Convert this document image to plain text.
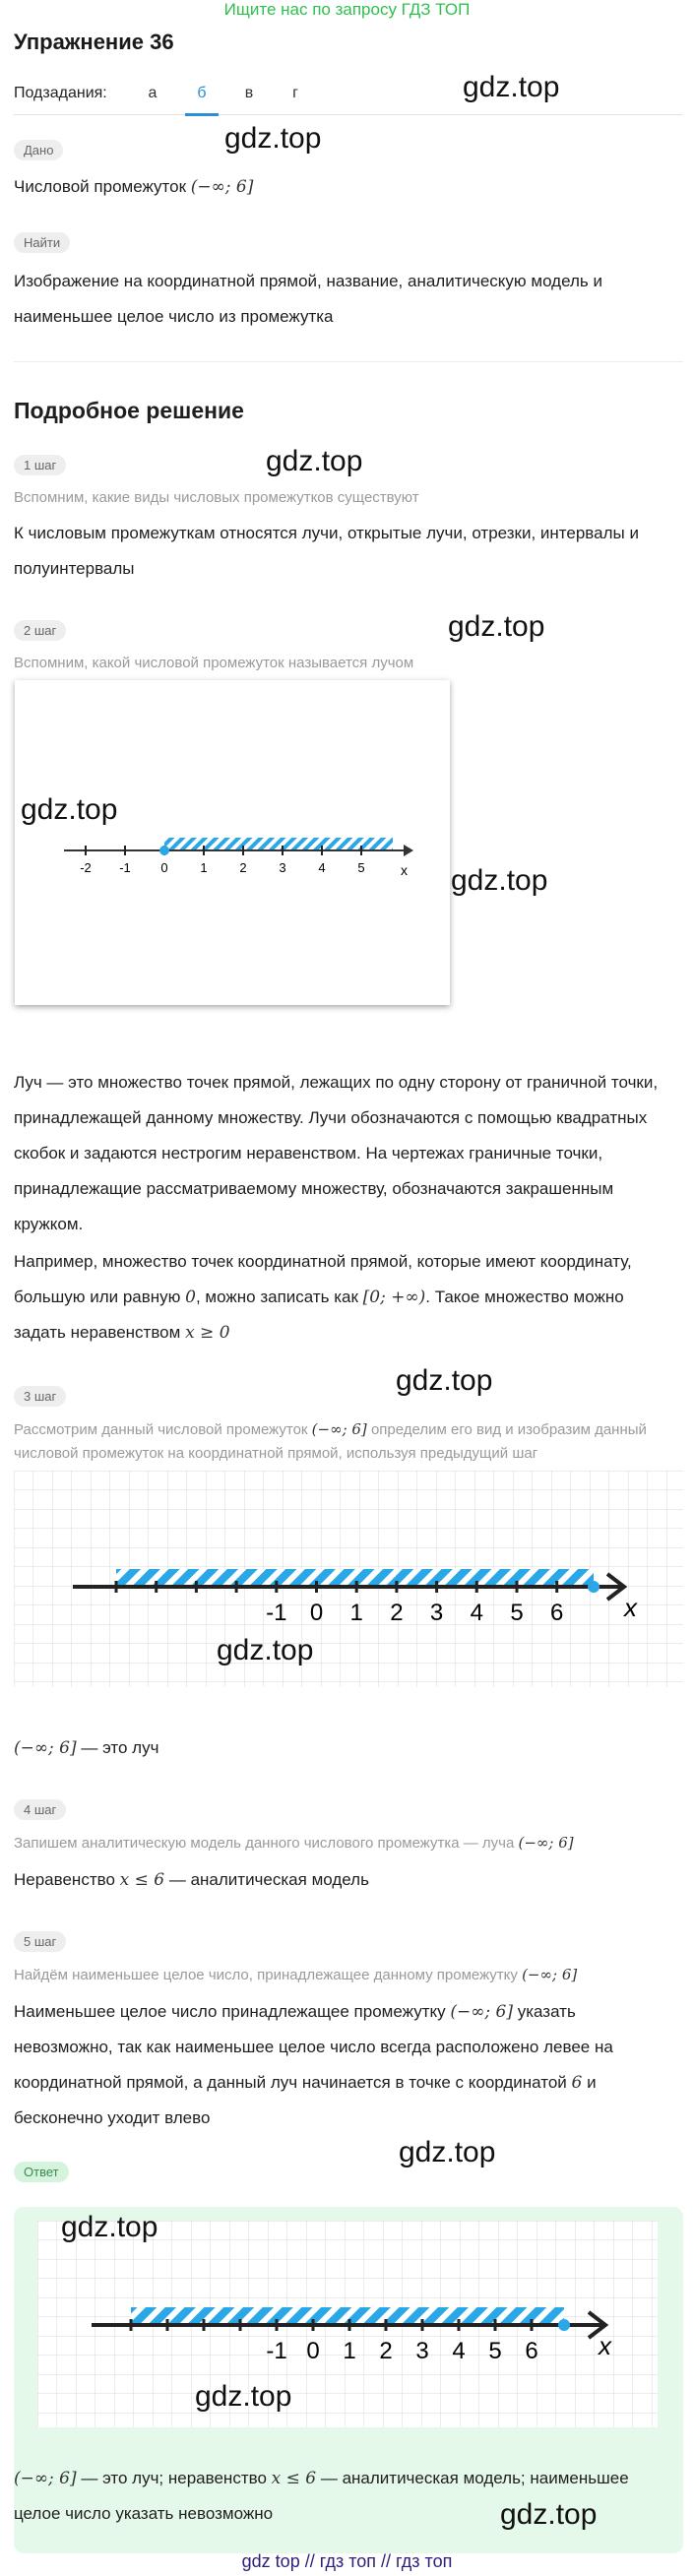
Ищите нас по запросу ГДЗ ТОП
Упражнение 36
Подзадания:	а	б	в	г	gdz.top
Дано	gdz.top
Числовой промежуток (−∞; 6]
Найти
Изображение на координатной прямой, название, аналитическую модель и наименьшее целое число из промежутка
Подробное решение
1 шаг	gdz.top
Вспомним, какие виды числовых промежутков существуют
К числовым промежуткам относятся лучи, открытые лучи, отрезки, интервалы и полуинтервалы
2 шаг	gdz.top
Вспомним, какой числовой промежуток называется лучом
gdz.top
x
-2 -1 0	1	2	3	4	5	gdz.top
Луч — это множество точек прямой, лежащих по одну сторону от граничной точки, принадлежащей данному множеству. Лучи обозначаются с помощью квадратных скобок и задаются нестрогим неравенством. На чертежах граничные точки, принадлежащие рассматриваемому множеству, обозначаются закрашенным кружком.
Например, множество точек координатной прямой, которые имеют координату, большую или равную 0, можно записать как [0; +∞). Такое множество можно задать неравенством x ≥ 0
gdz.top
3 шаг
Рассмотрим данный числовой промежуток (−∞; 6] определим его вид и изобразим данный числовой промежуток на координатной прямой, используя предыдущий шаг
x
-1 0 1 2 3 4 5 6
gdz.top
(−∞; 6] — это луч
4 шаг
Запишем аналитическую модель данного числового промежутка — луча (−∞; 6]
Неравенство x ≤ 6 — аналитическая модель
5 шаг
Найдём наименьшее целое число, принадлежащее данному промежутку (−∞; 6]
Наименьшее целое число принадлежащее промежутку (−∞; 6] указать невозможно, так как наименьшее целое число всегда расположено левее на координатной прямой, а данный луч начинается в точке с координатой 6 и бесконечно уходит влево
gdz.top
Ответ
x
-1 0 1 2 3 4 5 6
gdz.top
gdz.top
(−∞; 6] — это луч; неравенство x ≤ 6 — аналитическая модель; наименьшее целое число указать невозможно	gdz.top
gdz top // гдз топ // гдз топ
